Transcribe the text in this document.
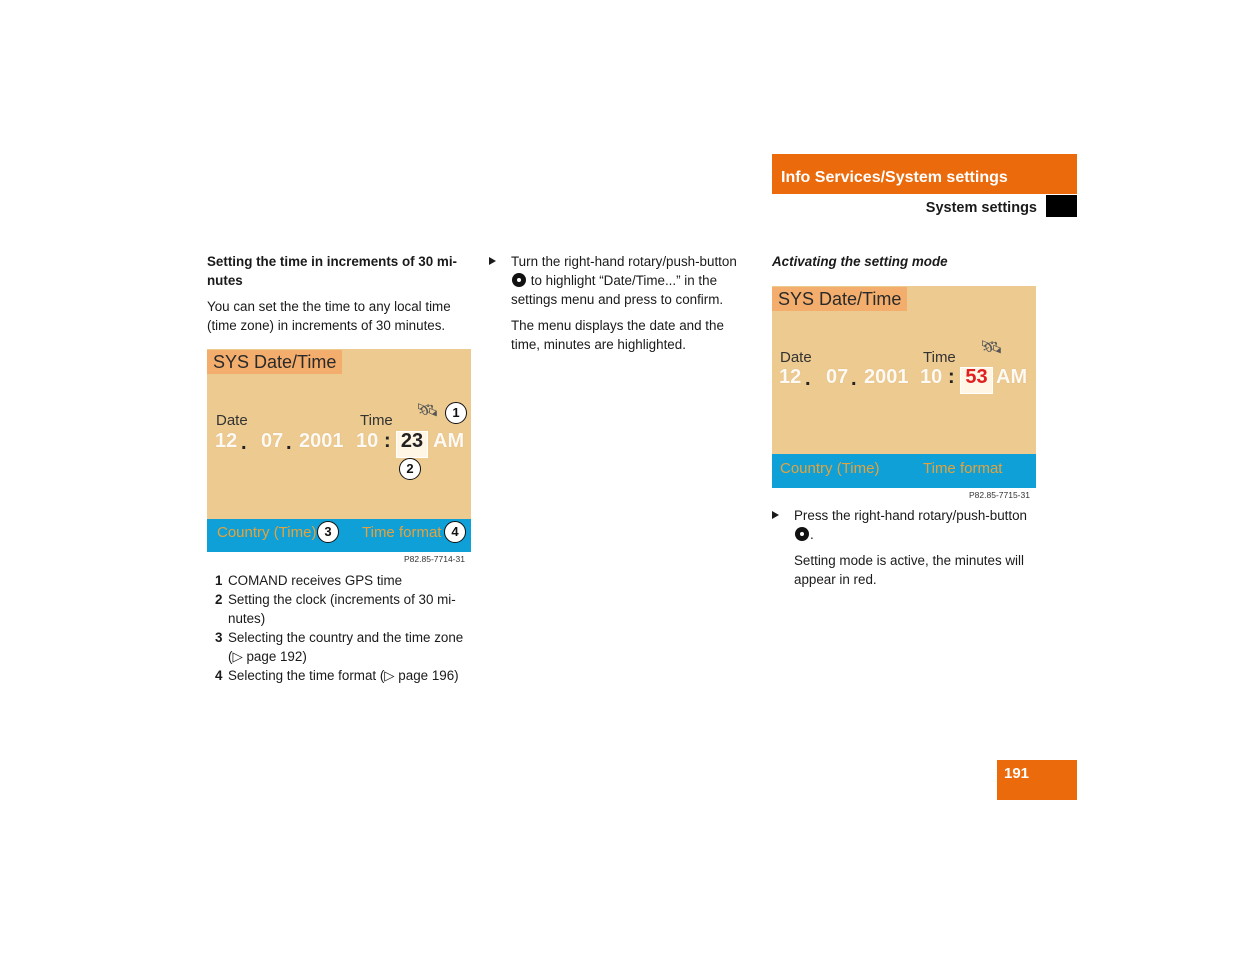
Info Services/System settings
System settings

Setting the time in increments of 30 mi-nutes

You can set the the time to any local time (time zone) in increments of 30 minutes.

SYS Date/Time
Date	Time
🛰
12 . 07 . 2001 10 : 23 AM
Country (Time)	Time format
1
2
3	4
P82.85-7714-31
1 COMAND receives GPS time
2 Setting the clock (increments of 30 mi-nutes)
3 Selecting the country and the time zone (▷ page 192)
4 Selecting the time format (▷ page 196)

Turn the right-hand rotary/push-button  to highlight “Date/Time...” in the settings menu and press to confirm.

The menu displays the date and the time, minutes are highlighted.

Activating the setting mode

SYS Date/Time
Date	Time
🛰
12 . 07 . 2001 10 : 53 AM
Country (Time)	Time format
P82.85-7715-31

Press the right-hand rotary/push-button .

Setting mode is active, the minutes will appear in red.

191
